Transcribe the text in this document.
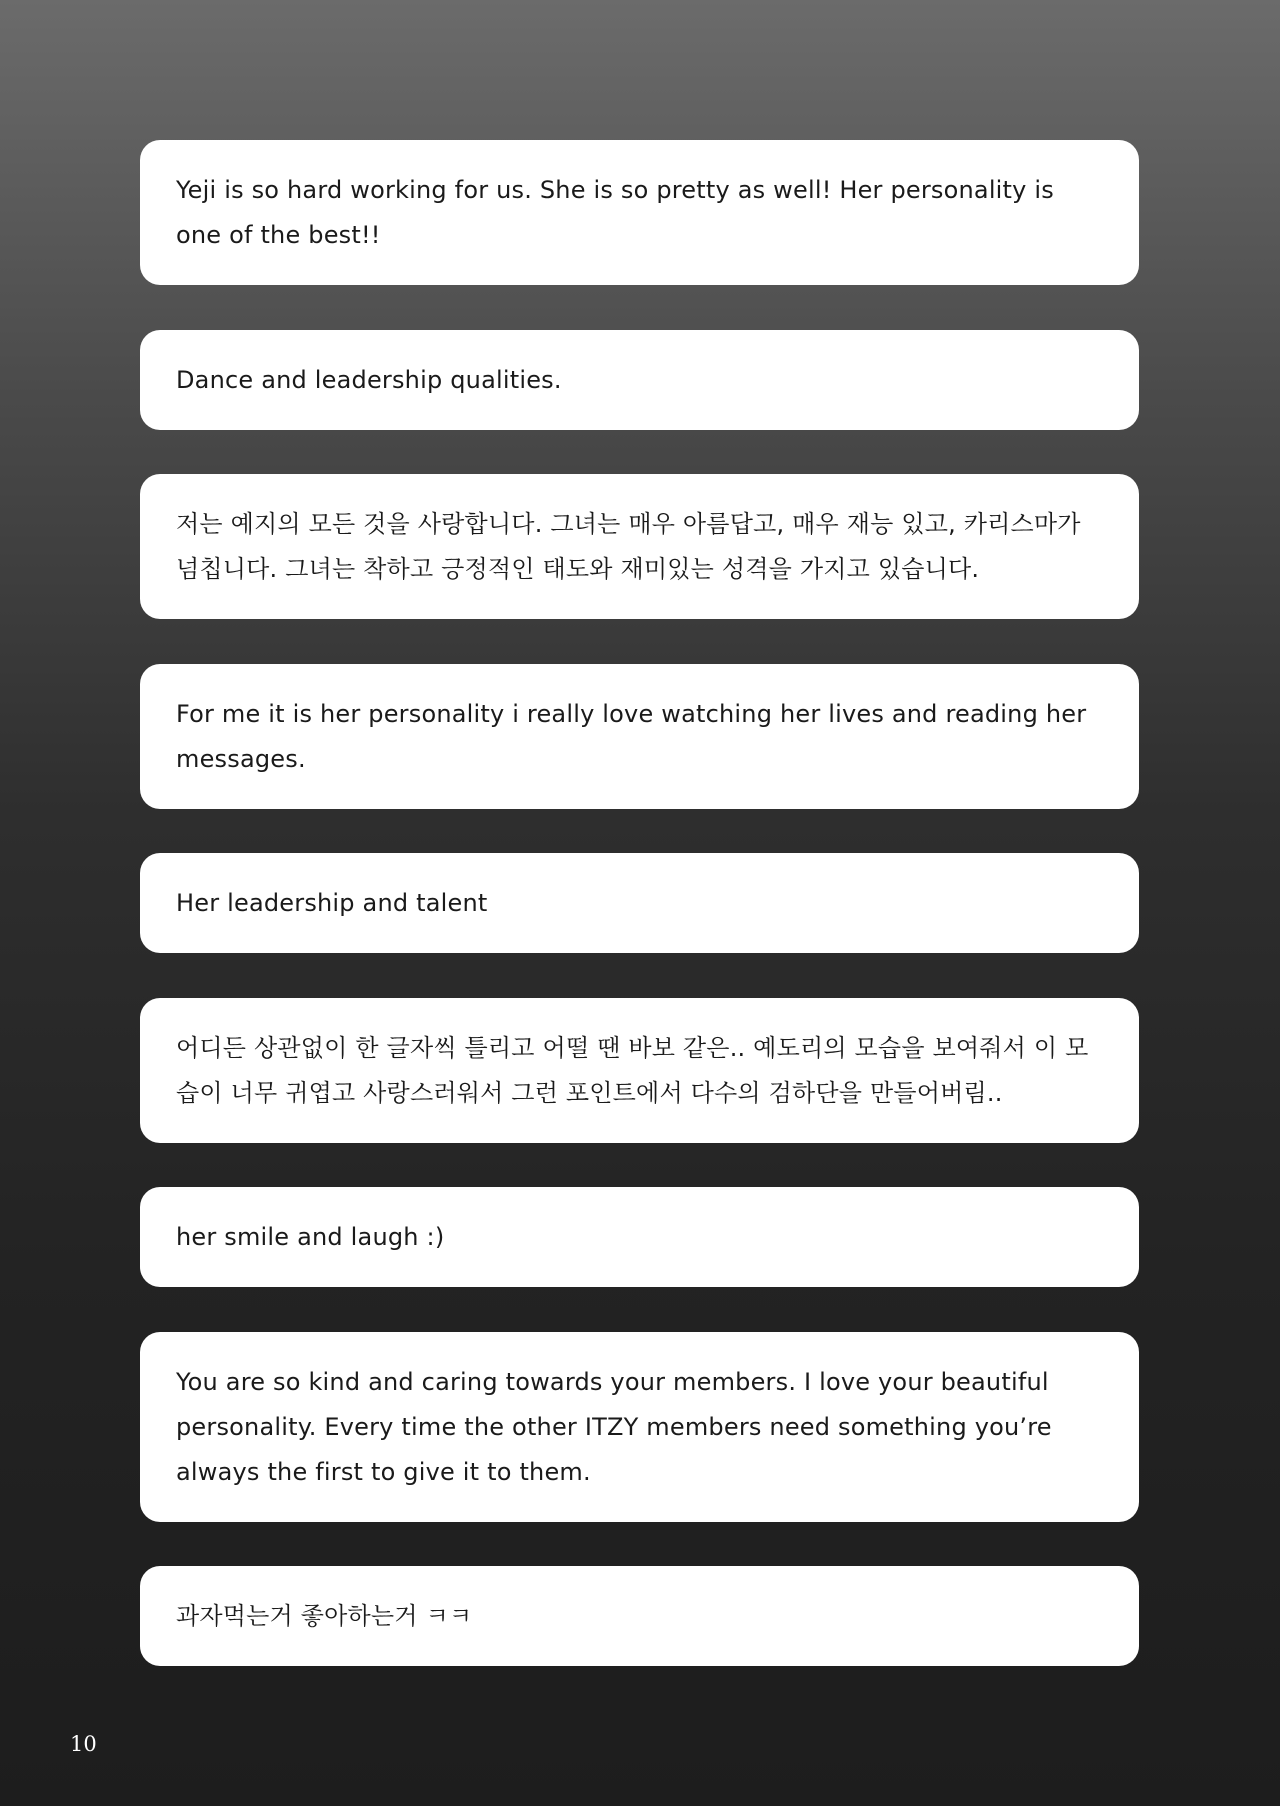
Yeji is so hard working for us. She is so pretty as well! Her personality is one of the best!!

Dance and leadership qualities.

저는 예지의 모든 것을 사랑합니다. 그녀는 매우 아름답고, 매우 재능 있고, 카리스마가 넘칩니다. 그녀는 착하고 긍정적인 태도와 재미있는 성격을 가지고 있습니다.

For me it is her personality i really love watching her lives and reading her messages.

Her leadership and talent

어디든 상관없이 한 글자씩 틀리고 어떨 땐 바보 같은.. 예도리의 모습을 보여줘서 이 모습이 너무 귀엽고 사랑스러워서 그런 포인트에서 다수의 검하단을 만들어버림..

her smile and laugh :)

You are so kind and caring towards your members. I love your beautiful personality. Every time the other ITZY members need something you’re always the first to give it to them.

과자먹는거 좋아하는거 ㅋㅋ

10
